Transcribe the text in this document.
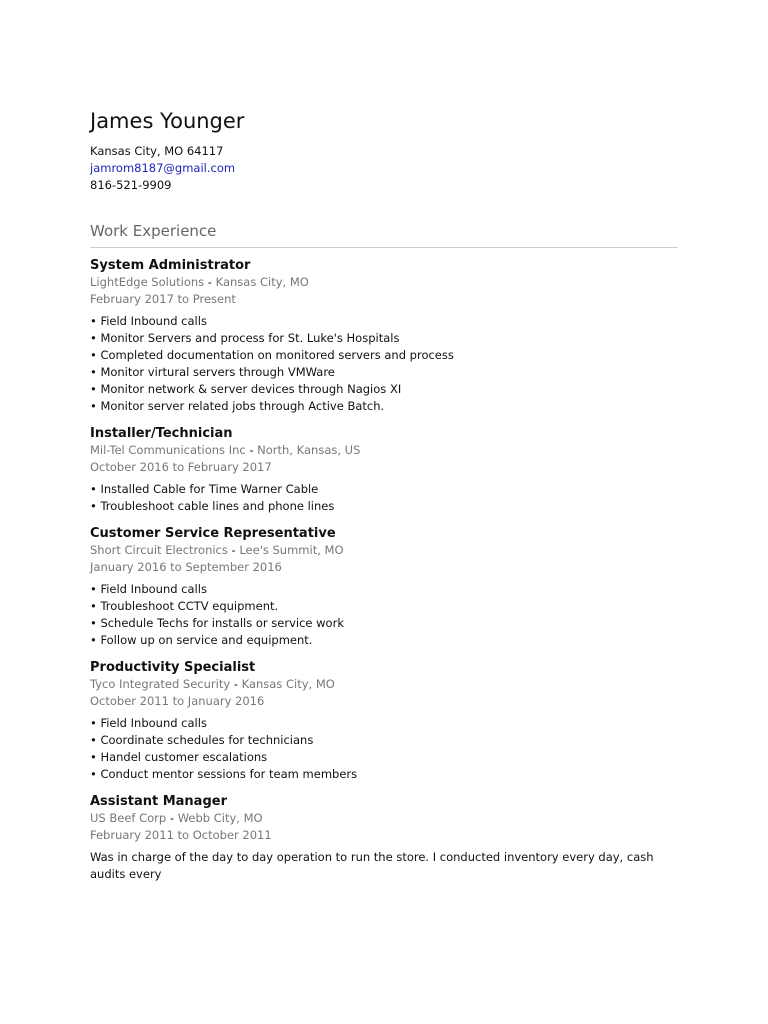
James Younger

Kansas City, MO 64117

jamrom8187@gmail.com

816-521-9909

Work Experience
System Administrator

LightEdge Solutions - Kansas City, MO

February 2017 to Present

• Field Inbound calls
• Monitor Servers and process for St. Luke's Hospitals
• Completed documentation on monitored servers and process
• Monitor virtural servers through VMWare
• Monitor network & server devices through Nagios XI
• Monitor server related jobs through Active Batch.
Installer/Technician

Mil-Tel Communications Inc - North, Kansas, US

October 2016 to February 2017

• Installed Cable for Time Warner Cable
• Troubleshoot cable lines and phone lines
Customer Service Representative

Short Circuit Electronics - Lee's Summit, MO

January 2016 to September 2016

• Field Inbound calls
• Troubleshoot CCTV equipment.
• Schedule Techs for installs or service work
• Follow up on service and equipment.
Productivity Specialist

Tyco Integrated Security - Kansas City, MO

October 2011 to January 2016

• Field Inbound calls
• Coordinate schedules for technicians
• Handel customer escalations
• Conduct mentor sessions for team members
Assistant Manager

US Beef Corp - Webb City, MO

February 2011 to October 2011

Was in charge of the day to day operation to run the store. I conducted inventory every day, cash audits every
